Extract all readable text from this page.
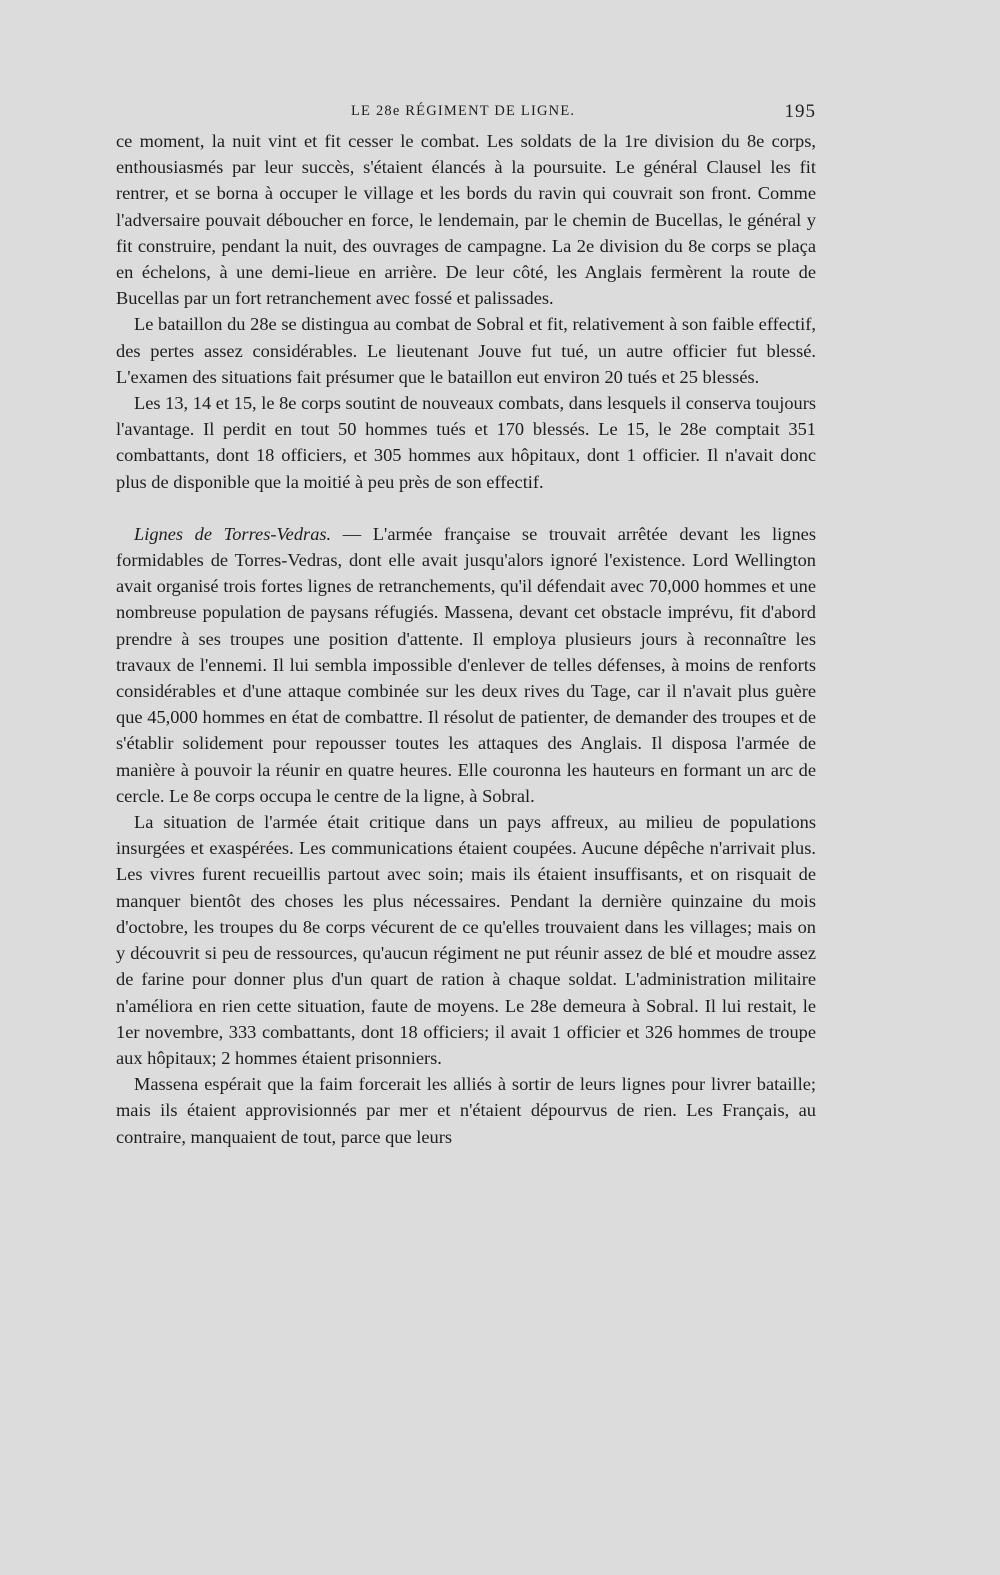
LE 28e RÉGIMENT DE LIGNE.	195

ce moment, la nuit vint et fit cesser le combat. Les soldats de la 1re division du 8e corps, enthousiasmés par leur succès, s'étaient élancés à la poursuite. Le général Clausel les fit rentrer, et se borna à occuper le village et les bords du ravin qui couvrait son front. Comme l'adversaire pouvait déboucher en force, le lendemain, par le chemin de Bucellas, le général y fit construire, pendant la nuit, des ouvrages de campagne. La 2e division du 8e corps se plaça en échelons, à une demi-lieue en arrière. De leur côté, les Anglais fermèrent la route de Bucellas par un fort retranchement avec fossé et palissades.

Le bataillon du 28e se distingua au combat de Sobral et fit, relativement à son faible effectif, des pertes assez considérables. Le lieutenant Jouve fut tué, un autre officier fut blessé. L'examen des situations fait présumer que le bataillon eut environ 20 tués et 25 blessés.

Les 13, 14 et 15, le 8e corps soutint de nouveaux combats, dans lesquels il conserva toujours l'avantage. Il perdit en tout 50 hommes tués et 170 blessés. Le 15, le 28e comptait 351 combattants, dont 18 officiers, et 305 hommes aux hôpitaux, dont 1 officier. Il n'avait donc plus de disponible que la moitié à peu près de son effectif.

Lignes de Torres-Vedras. — L'armée française se trouvait arrêtée devant les lignes formidables de Torres-Vedras, dont elle avait jusqu'alors ignoré l'existence. Lord Wellington avait organisé trois fortes lignes de retranchements, qu'il défendait avec 70,000 hommes et une nombreuse population de paysans réfugiés. Massena, devant cet obstacle imprévu, fit d'abord prendre à ses troupes une position d'attente. Il employa plusieurs jours à reconnaître les travaux de l'ennemi. Il lui sembla impossible d'enlever de telles défenses, à moins de renforts considérables et d'une attaque combinée sur les deux rives du Tage, car il n'avait plus guère que 45,000 hommes en état de combattre. Il résolut de patienter, de demander des troupes et de s'établir solidement pour repousser toutes les attaques des Anglais. Il disposa l'armée de manière à pouvoir la réunir en quatre heures. Elle couronna les hauteurs en formant un arc de cercle. Le 8e corps occupa le centre de la ligne, à Sobral.

La situation de l'armée était critique dans un pays affreux, au milieu de populations insurgées et exaspérées. Les communications étaient coupées. Aucune dépêche n'arrivait plus. Les vivres furent recueillis partout avec soin; mais ils étaient insuffisants, et on risquait de manquer bientôt des choses les plus nécessaires. Pendant la dernière quinzaine du mois d'octobre, les troupes du 8e corps vécurent de ce qu'elles trouvaient dans les villages; mais on y découvrit si peu de ressources, qu'aucun régiment ne put réunir assez de blé et moudre assez de farine pour donner plus d'un quart de ration à chaque soldat. L'administration militaire n'améliora en rien cette situation, faute de moyens. Le 28e demeura à Sobral. Il lui restait, le 1er novembre, 333 combattants, dont 18 officiers; il avait 1 officier et 326 hommes de troupe aux hôpitaux; 2 hommes étaient prisonniers.

Massena espérait que la faim forcerait les alliés à sortir de leurs lignes pour livrer bataille; mais ils étaient approvisionnés par mer et n'étaient dépourvus de rien. Les Français, au contraire, manquaient de tout, parce que leurs
